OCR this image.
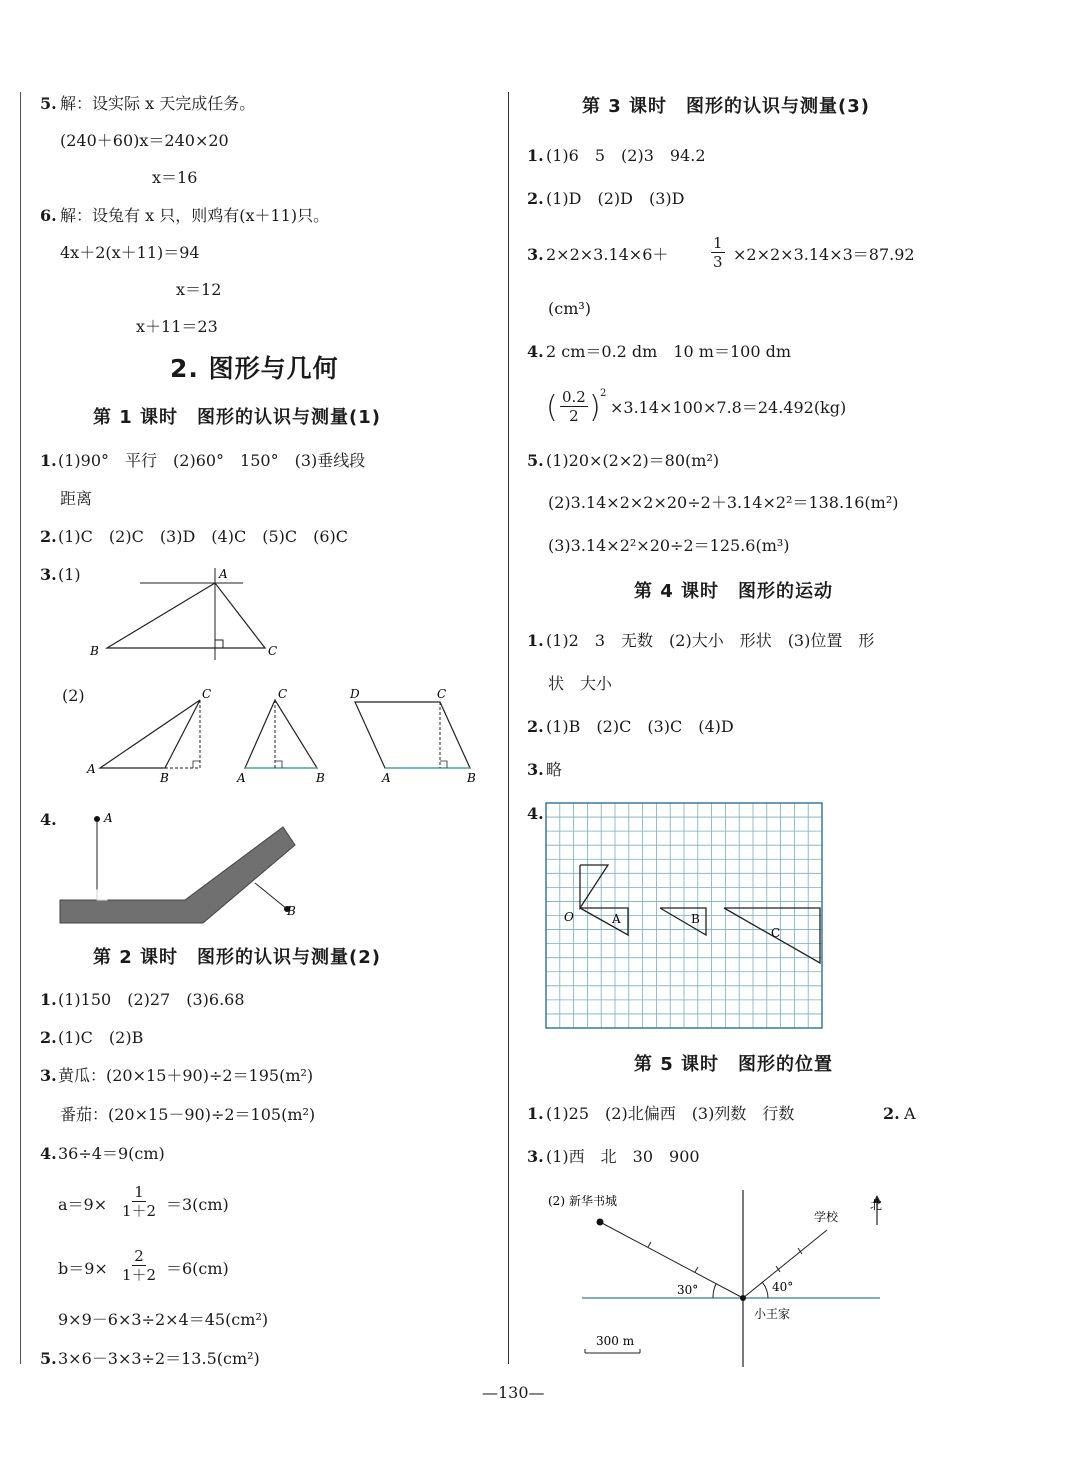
5. 解：设实际 x 天完成任务。
(240＋60)x＝240×20
x＝16
6. 解：设兔有 x 只，则鸡有(x＋11)只。
4x＋2(x＋11)＝94
x＝12
x＋11＝23
2. 图形与几何
第 1 课时　图形的认识与测量(1)
1. (1)90°　平行　(2)60°　150°　(3)垂线段
距离
2. (1)C　(2)C　(3)D　(4)C　(5)C　(6)C
3. (1)	A
B	C
(2)
A
B
C
A	B
C	D	C
A	B
4.	A
B
第 2 课时　图形的认识与测量(2)
1. (1)150　(2)27　(3)6.68
2. (1)C　(2)B
3. 黄瓜：(20×15＋90)÷2＝195(m²)
番茄：(20×15－90)÷2＝105(m²)
4. 36÷4＝9(cm)
$a=9\times \frac{1}{1+2} =3(cm)$
$b=9\times \frac{2}{1+2} =6(cm)$
9×9－6×3÷2×4＝45(cm²)
5. 3×6－3×3÷2＝13.5(cm²)
第 3 课时　图形的认识与测量(3)
1. (1)6　5　(2)3　94.2
2. (1)D　(2)D　(3)D
3. 2×2×3.14×6＋	$\frac{1}{3} \times 2\times 2\times 3.14\times 3=87.92$
(cm³)
4. 2 cm＝0.2 dm　10 m＝100 dm
( $\frac{0.2}{2}$ ) 2
×3.14×100×7.8＝24.492(kg)
5. (1)20×(2×2)＝80(m²)
(2)3.14×2×2×20÷2＋3.14×2²＝138.16(m²)
(3)3.14×2²×20÷2＝125.6(m³)
第 4 课时　图形的运动
1. (1)2　3　无数　(2)大小　形状　(3)位置　形
状　大小
2. (1)B　(2)C　(3)C　(4)D
3. 略
4.
O	A	B
C
第 5 课时　图形的位置
1. (1)25　(2)北偏西　(3)列数　行数	2. A
3. (1)西　北　30　900
(2) 新华书城
学校
北
小王家
30°	40°
300 m
—130—
